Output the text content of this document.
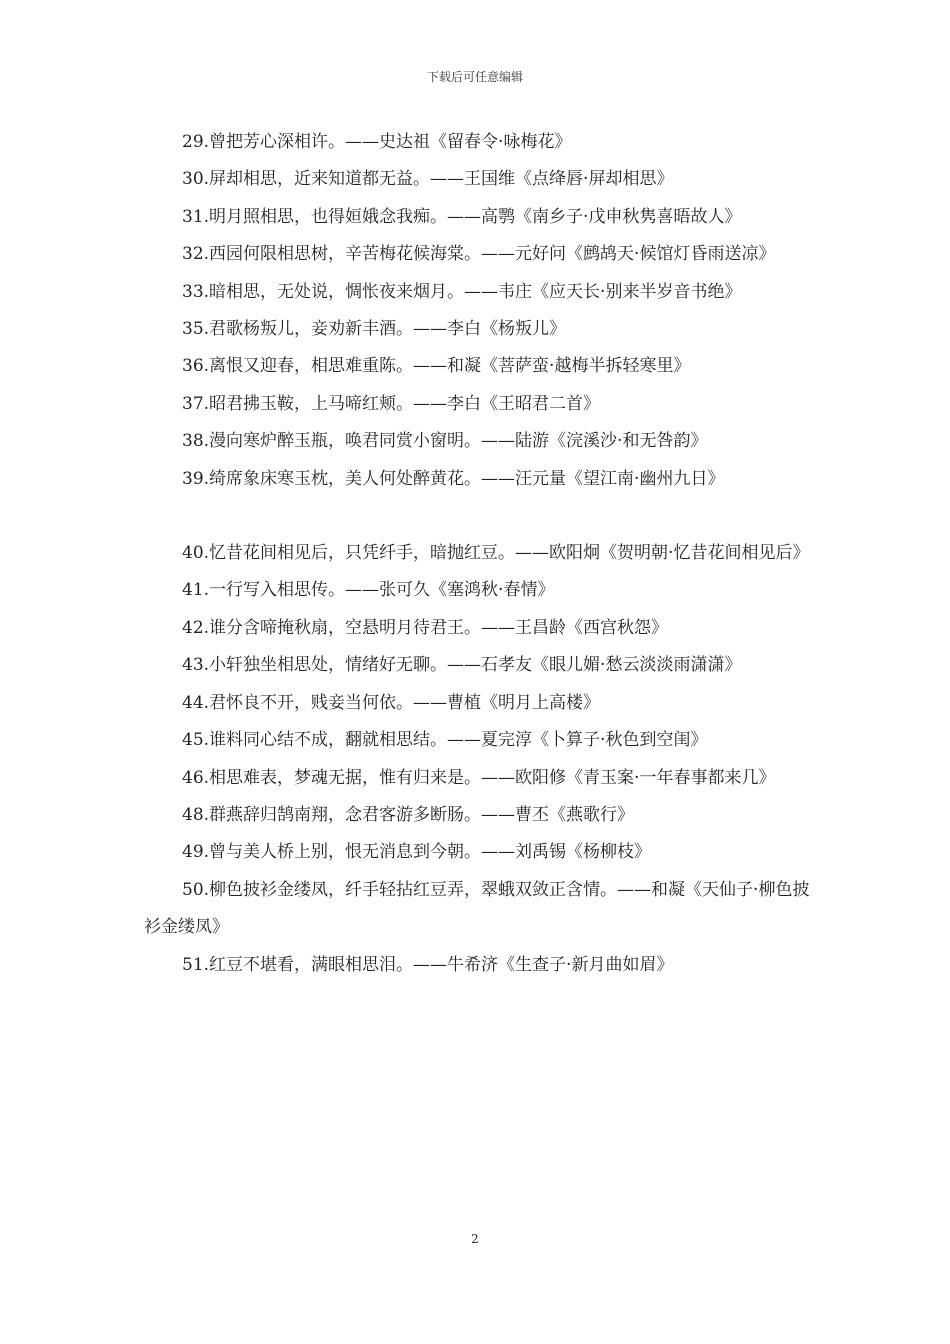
下载后可任意编辑

29.曾把芳心深相许。——史达祖《留春令·咏梅花》

30.屏却相思，近来知道都无益。——王国维《点绛唇·屏却相思》

31.明月照相思，也得姮娥念我痴。——高鹗《南乡子·戊申秋隽喜晤故人》

32.西园何限相思树，辛苦梅花候海棠。——元好问《鹧鸪天·候馆灯昏雨送凉》

33.暗相思，无处说，惆怅夜来烟月。——韦庄《应天长·别来半岁音书绝》

35.君歌杨叛儿，妾劝新丰酒。——李白《杨叛儿》

36.离恨又迎春，相思难重陈。——和凝《菩萨蛮·越梅半拆轻寒里》

37.昭君拂玉鞍，上马啼红颊。——李白《王昭君二首》

38.漫向寒炉醉玉瓶，唤君同赏小窗明。——陆游《浣溪沙·和无咎韵》

39.绮席象床寒玉枕，美人何处醉黄花。——汪元量《望江南·幽州九日》

40.忆昔花间相见后，只凭纤手，暗抛红豆。——欧阳炯《贺明朝·忆昔花间相见后》

41.一行写入相思传。——张可久《塞鸿秋·春情》

42.谁分含啼掩秋扇，空悬明月待君王。——王昌龄《西宫秋怨》

43.小轩独坐相思处，情绪好无聊。——石孝友《眼儿媚·愁云淡淡雨潇潇》

44.君怀良不开，贱妾当何依。——曹植《明月上高楼》

45.谁料同心结不成，翻就相思结。——夏完淳《卜算子·秋色到空闺》

46.相思难表，梦魂无据，惟有归来是。——欧阳修《青玉案·一年春事都来几》

48.群燕辞归鹄南翔，念君客游多断肠。——曹丕《燕歌行》

49.曾与美人桥上别，恨无消息到今朝。——刘禹锡《杨柳枝》

50.柳色披衫金缕凤，纤手轻拈红豆弄，翠蛾双敛正含情。——和凝《天仙子·柳色披衫金缕凤》

51.红豆不堪看，满眼相思泪。——牛希济《生查子·新月曲如眉》

2
